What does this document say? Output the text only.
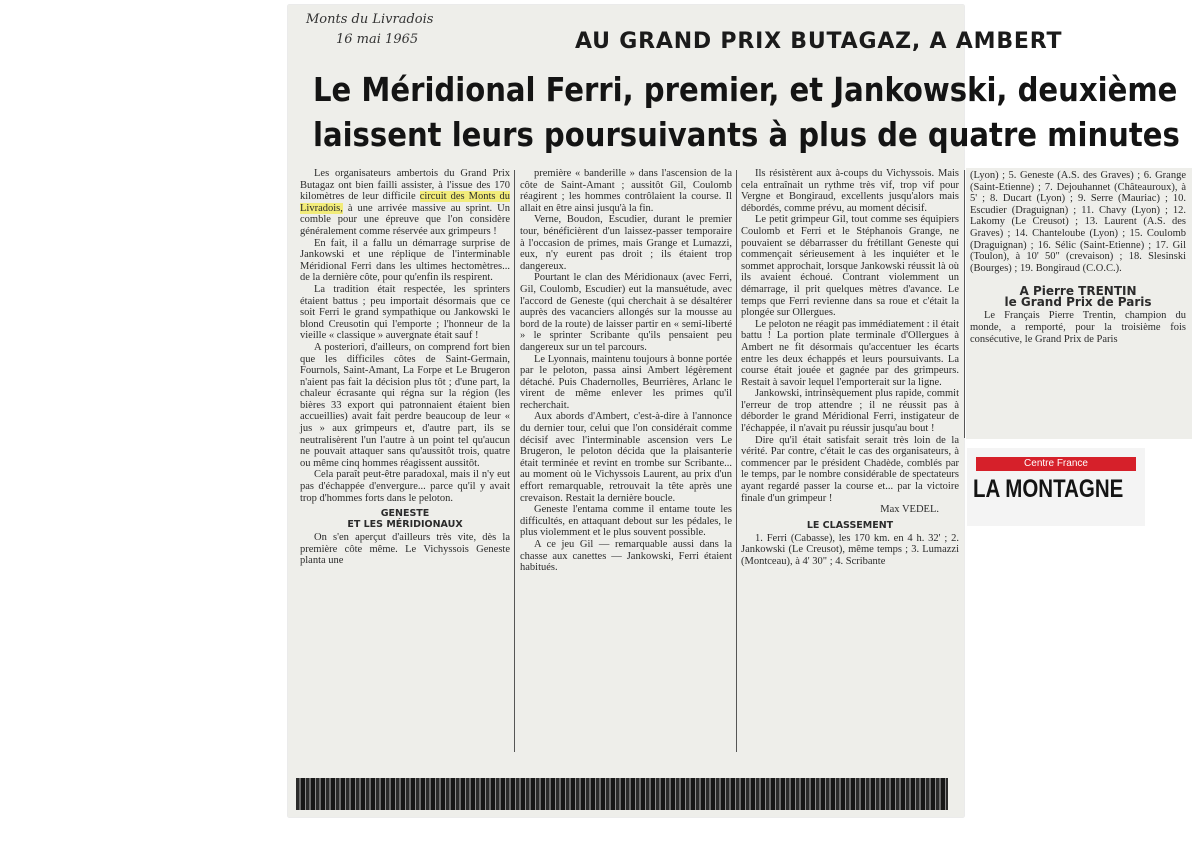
Monts du Livradois
16 mai 1965	AU GRAND PRIX BUTAGAZ, A AMBERT
Le Méridional Ferri, premier, et Jankowski, deuxième
laissent leurs poursuivants à plus de quatre minutes

Les organisateurs ambertois du Grand Prix Butagaz ont bien failli assister, à l'issue des 170 kilomètres de leur difficile circuit des Monts du Livradois, à une arrivée massive au sprint. Un comble pour une épreuve que l'on considère généralement comme réservée aux grimpeurs !

En fait, il a fallu un démarrage surprise de Jankowski et une réplique de l'interminable Méridional Ferri dans les ultimes hectomètres... de la dernière côte, pour qu'enfin ils respirent.

La tradition était respectée, les sprinters étaient battus ; peu importait désormais que ce soit Ferri le grand sympathique ou Jankowski le blond Creusotin qui l'emporte ; l'honneur de la vieille « classique » auvergnate était sauf !

A posteriori, d'ailleurs, on comprend fort bien que les difficiles côtes de Saint-Germain, Fournols, Saint-Amant, La Forpe et Le Brugeron n'aient pas fait la décision plus tôt ; d'une part, la chaleur écrasante qui régna sur la région (les bières 33 export qui patronnaient étaient bien accueillies) avait fait perdre beaucoup de leur « jus » aux grimpeurs et, d'autre part, ils se neutralisèrent l'un l'autre à un point tel qu'aucun ne pouvait attaquer sans qu'aussitôt trois, quatre ou même cinq hommes réagissent aussitôt.

Cela paraît peut-être paradoxal, mais il n'y eut pas d'échappée d'envergure... parce qu'il y avait trop d'hommes forts dans le peloton.

GENESTE
ET LES MÉRIDIONAUX

On s'en aperçut d'ailleurs très vite, dès la première côte même. Le Vichyssois Geneste planta une

première « banderille » dans l'ascension de la côte de Saint-Amant ; aussitôt Gil, Coulomb réagirent ; les hommes contrôlaient la course. Il allait en être ainsi jusqu'à la fin.

Verne, Boudon, Escudier, durant le premier tour, bénéficièrent d'un laissez-passer temporaire à l'occasion de primes, mais Grange et Lumazzi, eux, n'y eurent pas droit ; ils étaient trop dangereux.

Pourtant le clan des Méridionaux (avec Ferri, Gil, Coulomb, Escudier) eut la mansuétude, avec l'accord de Geneste (qui cherchait à se désaltérer auprès des vacanciers allongés sur la mousse au bord de la route) de laisser partir en « semi-liberté » le sprinter Scribante qu'ils pensaient peu dangereux sur un tel parcours.

Le Lyonnais, maintenu toujours à bonne portée par le peloton, passa ainsi Ambert légèrement détaché. Puis Chadernolles, Beurrières, Arlanc le virent de même enlever les primes qu'il recherchait.

Aux abords d'Ambert, c'est-à-dire à l'annonce du dernier tour, celui que l'on considérait comme décisif avec l'interminable ascension vers Le Brugeron, le peloton décida que la plaisanterie était terminée et revint en trombe sur Scribante... au moment où le Vichyssois Laurent, au prix d'un effort remarquable, retrouvait la tête après une crevaison. Restait la dernière boucle.

Geneste l'entama comme il entame toute les difficultés, en attaquant debout sur les pédales, le plus violemment et le plus souvent possible.

A ce jeu Gil — remarquable aussi dans la chasse aux canettes — Jankowski, Ferri étaient habitués.

Ils résistèrent aux à-coups du Vichyssois. Mais cela entraînait un rythme très vif, trop vif pour Vergne et Bongiraud, excellents jusqu'alors mais débordés, comme prévu, au moment décisif.

Le petit grimpeur Gil, tout comme ses équipiers Coulomb et Ferri et le Stéphanois Grange, ne pouvaient se débarrasser du frétillant Geneste qui commençait sérieusement à les inquiéter et le sommet approchait, lorsque Jankowski réussit là où ils avaient échoué. Contrant violemment un démarrage, il prit quelques mètres d'avance. Le temps que Ferri revienne dans sa roue et c'était la plongée sur Ollergues.

Le peloton ne réagit pas immédiatement : il était battu ! La portion plate terminale d'Ollergues à Ambert ne fit désormais qu'accentuer les écarts entre les deux échappés et leurs poursuivants. La course était jouée et gagnée par des grimpeurs. Restait à savoir lequel l'emporterait sur la ligne.

Jankowski, intrinsèquement plus rapide, commit l'erreur de trop attendre ; il ne réussit pas à déborder le grand Méridional Ferri, instigateur de l'échappée, il n'avait pu réussir jusqu'au bout !

Dire qu'il était satisfait serait très loin de la vérité. Par contre, c'était le cas des organisateurs, à commencer par le président Chadède, comblés par le temps, par le nombre considérable de spectateurs ayant regardé passer la course et... par la victoire finale d'un grimpeur !

Max VEDEL.

LE CLASSEMENT

1. Ferri (Cabasse), les 170 km. en 4 h. 32' ; 2. Jankowski (Le Creusot), même temps ; 3. Lumazzi (Montceau), à 4' 30" ; 4. Scribante

(Lyon) ; 5. Geneste (A.S. des Graves) ; 6. Grange (Saint-Etienne) ; 7. Dejouhannet (Châteauroux), à 5' ; 8. Ducart (Lyon) ; 9. Serre (Mauriac) ; 10. Escudier (Draguignan) ; 11. Chavy (Lyon) ; 12. Lakomy (Le Creusot) ; 13. Laurent (A.S. des Graves) ; 14. Chanteloube (Lyon) ; 15. Coulomb (Draguignan) ; 16. Sélic (Saint-Etienne) ; 17. Gil (Toulon), à 10' 50" (crevaison) ; 18. Slesinski (Bourges) ; 19. Bongiraud (C.O.C.).

A Pierre TRENTIN
le Grand Prix de Paris

Le Français Pierre Trentin, champion du monde, a remporté, pour la troisième fois consécutive, le Grand Prix de Paris

Centre France
LA MONTAGNE
